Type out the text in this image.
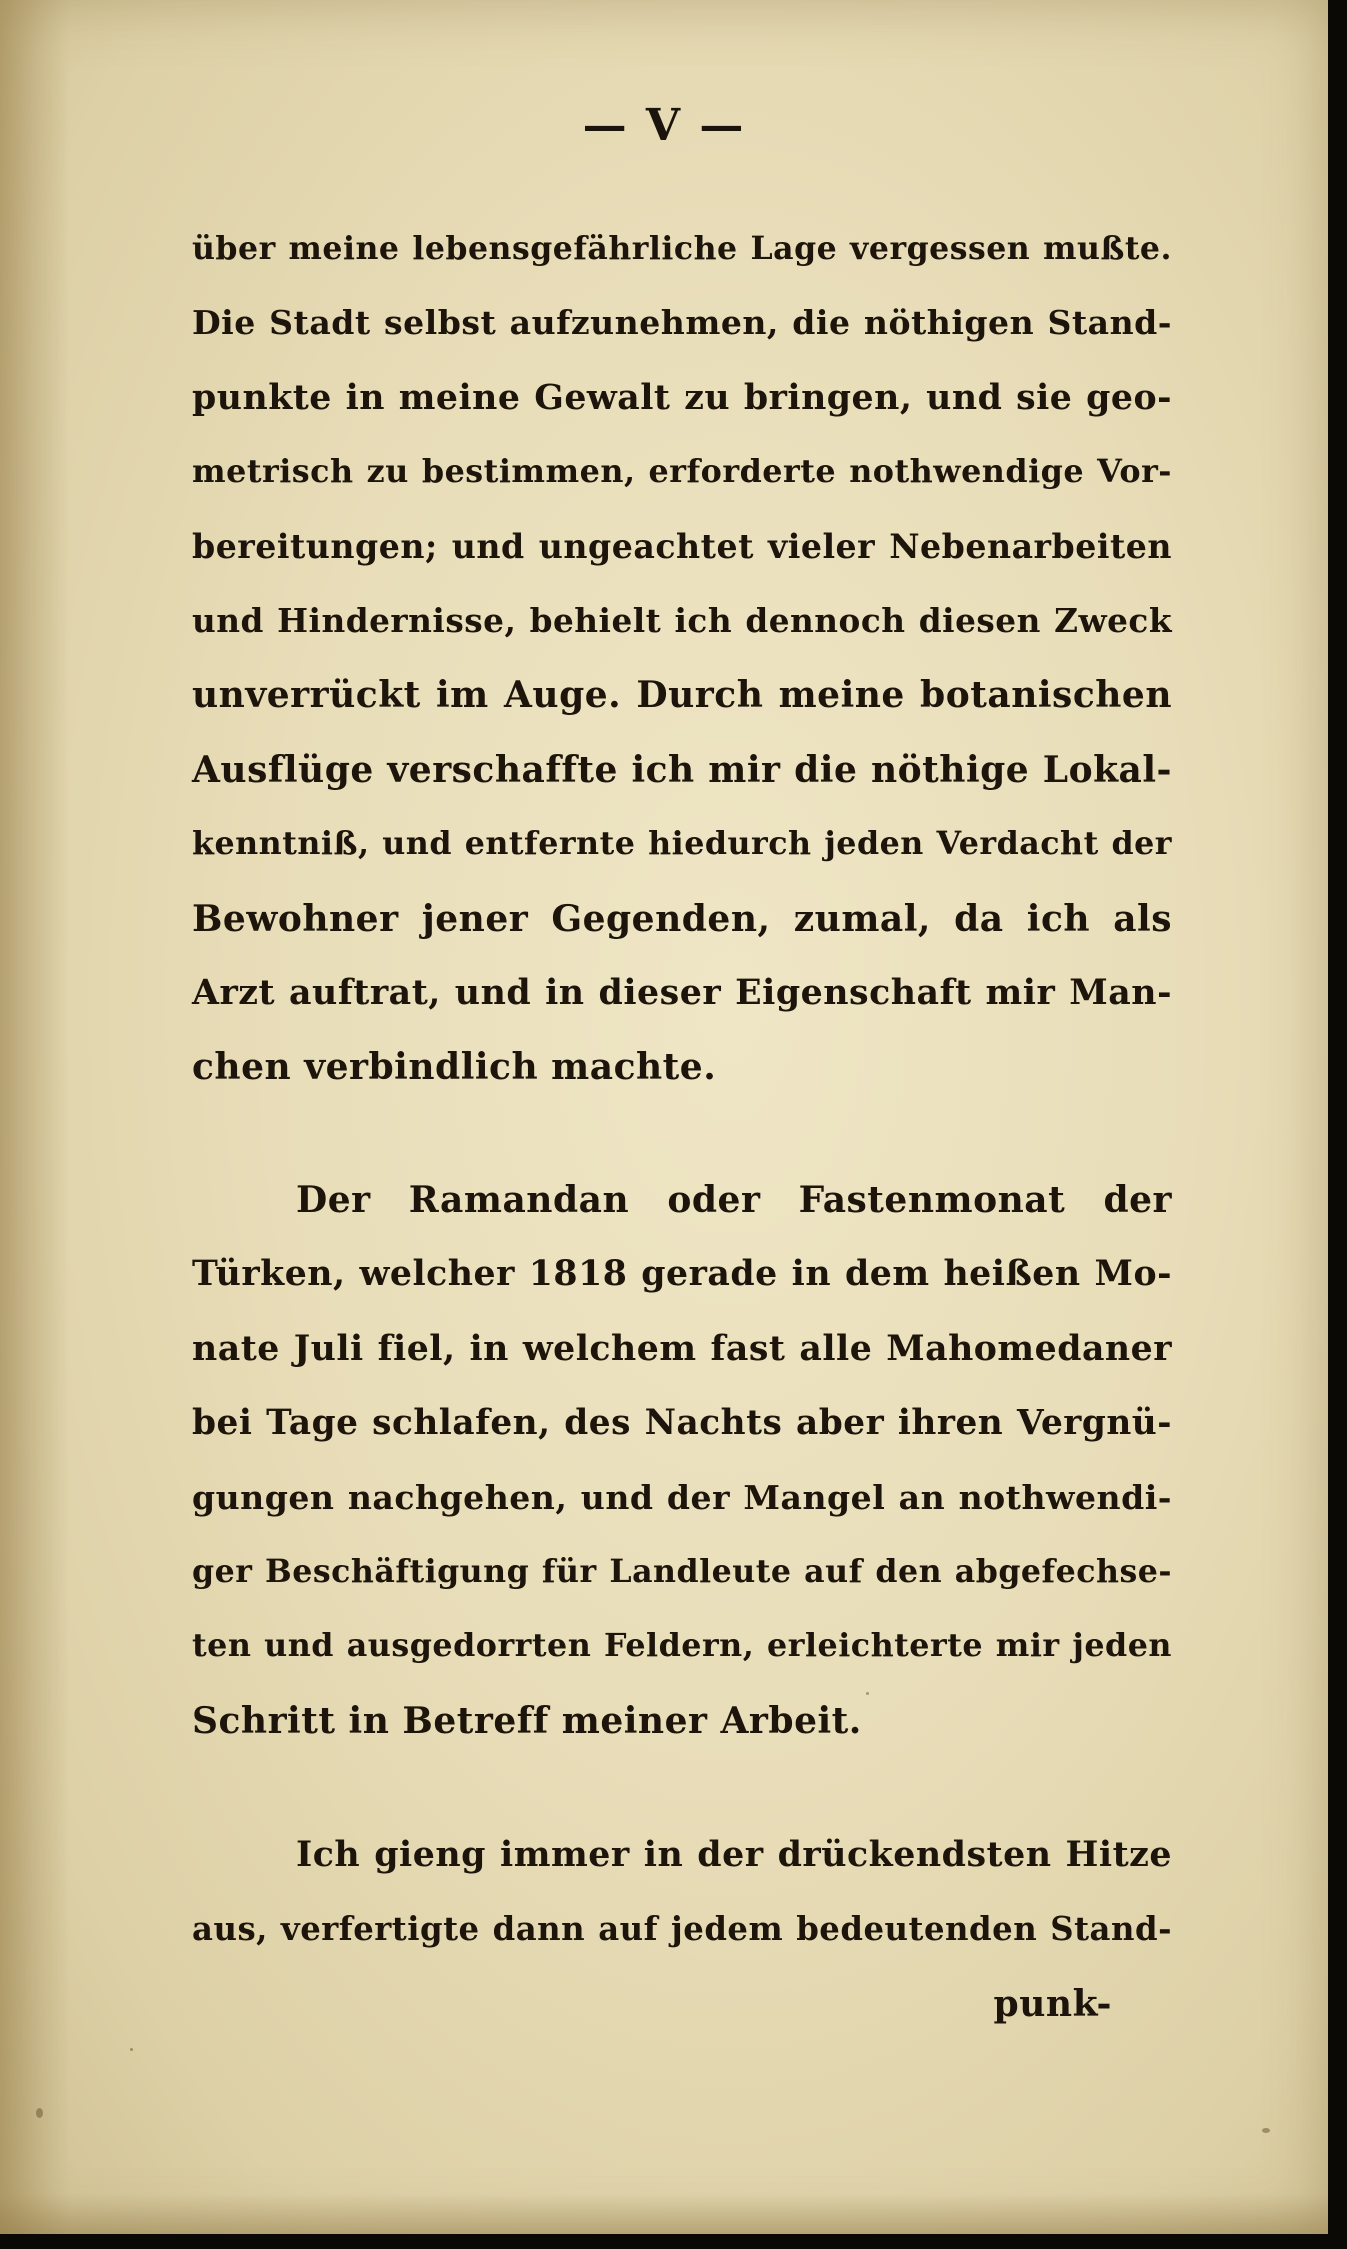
— V —
über meine lebensgefährliche Lage vergessen mußte.
Die Stadt selbst aufzunehmen, die nöthigen Stand-
punkte in meine Gewalt zu bringen, und sie geo-
metrisch zu bestimmen, erforderte nothwendige Vor-
bereitungen; und ungeachtet vieler Nebenarbeiten
und Hindernisse, behielt ich dennoch diesen Zweck
unverrückt im Auge. Durch meine botanischen
Ausflüge verschaffte ich mir die nöthige Lokal-
kenntniß, und entfernte hiedurch jeden Verdacht der
Bewohner jener Gegenden, zumal, da ich als
Arzt auftrat, und in dieser Eigenschaft mir Man-
chen verbindlich machte.
Der Ramandan oder Fastenmonat der
Türken, welcher 1818 gerade in dem heißen Mo-
nate Juli fiel, in welchem fast alle Mahomedaner
bei Tage schlafen, des Nachts aber ihren Vergnü-
gungen nachgehen, und der Mangel an nothwendi-
ger Beschäftigung für Landleute auf den abgefechse-
ten und ausgedorrten Feldern, erleichterte mir jeden
Schritt in Betreff meiner Arbeit.
Ich gieng immer in der drückendsten Hitze
aus, verfertigte dann auf jedem bedeutenden Stand-
punk-
